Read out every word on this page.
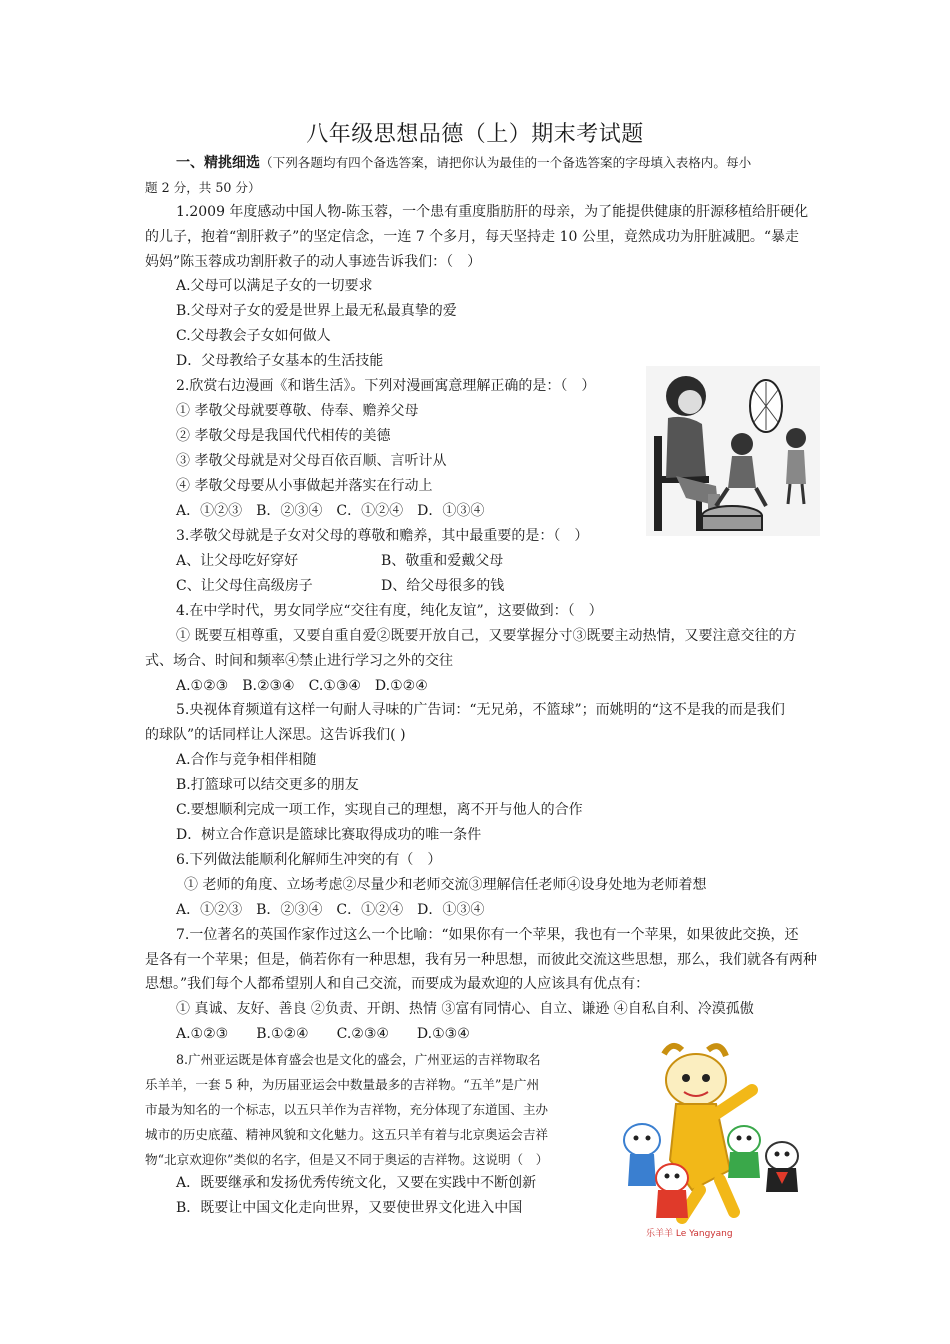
八年级思想品德（上）期末考试题
一、精挑细选（下列各题均有四个备选答案，请把你认为最佳的一个备选答案的字母填入表格内。每小
题 2 分，共 50 分）
1.2009 年度感动中国人物-陈玉蓉，一个患有重度脂肪肝的母亲，为了能提供健康的肝源移植给肝硬化
的儿子，抱着“割肝救子”的坚定信念，一连 7 个多月，每天坚持走 10 公里，竟然成功为肝脏减肥。“暴走
妈妈”陈玉蓉成功割肝救子的动人事迹告诉我们：（　）
A.父母可以满足子女的一切要求
B.父母对子女的爱是世界上最无私最真挚的爱
C.父母教会子女如何做人
D．父母教给子女基本的生活技能
2.欣赏右边漫画《和谐生活》。下列对漫画寓意理解正确的是：（　）
① 孝敬父母就要尊敬、侍奉、赡养父母
② 孝敬父母是我国代代相传的美德
③ 孝敬父母就是对父母百依百顺、言听计从
④ 孝敬父母要从小事做起并落实在行动上
A．①②③　B．②③④　C．①②④　D．①③④
3.孝敬父母就是子女对父母的尊敬和赡养，其中最重要的是：（　）
A、让父母吃好穿好	B、敬重和爱戴父母
C、让父母住高级房子	D、给父母很多的钱
4.在中学时代，男女同学应“交往有度，纯化友谊”，这要做到：（　）
① 既要互相尊重，又要自重自爱②既要开放自己，又要掌握分寸③既要主动热情，又要注意交往的方
式、场合、时间和频率④禁止进行学习之外的交往
A.①②③　B.②③④　C.①③④　D.①②④
5.央视体育频道有这样一句耐人寻味的广告词：“无兄弟，不篮球”；而姚明的“这不是我的而是我们
的球队”的话同样让人深思。这告诉我们( )
A.合作与竞争相伴相随
B.打篮球可以结交更多的朋友
C.要想顺利完成一项工作，实现自己的理想，离不开与他人的合作
D．树立合作意识是篮球比赛取得成功的唯一条件
6.下列做法能顺利化解师生冲突的有（　）
① 老师的角度、立场考虑②尽量少和老师交流③理解信任老师④设身处地为老师着想
A．①②③　B．②③④　C．①②④　D．①③④
7.一位著名的英国作家作过这么一个比喻：“如果你有一个苹果，我也有一个苹果，如果彼此交换，还
是各有一个苹果；但是，倘若你有一种思想，我有另一种思想，而彼此交流这些思想，那么，我们就各有两种
思想。”我们每个人都希望别人和自己交流，而要成为最欢迎的人应该具有优点有：
① 真诚、友好、善良 ②负责、开朗、热情 ③富有同情心、自立、谦逊 ④自私自利、冷漠孤傲
A.①②③　　B.①②④　　C.②③④　　D.①③④
8.广州亚运既是体育盛会也是文化的盛会，广州亚运的吉祥物取名
乐羊羊，一套 5 种，为历届亚运会中数量最多的吉祥物。“五羊”是广州
市最为知名的一个标志，以五只羊作为吉祥物，充分体现了东道国、主办
城市的历史底蕴、精神风貌和文化魅力。这五只羊有着与北京奥运会吉祥
物“北京欢迎你”类似的名字，但是又不同于奥运的吉祥物。这说明（　）
A．既要继承和发扬优秀传统文化，又要在实践中不断创新
B．既要让中国文化走向世界，又要使世界文化进入中国
乐羊羊 Le Yangyang
